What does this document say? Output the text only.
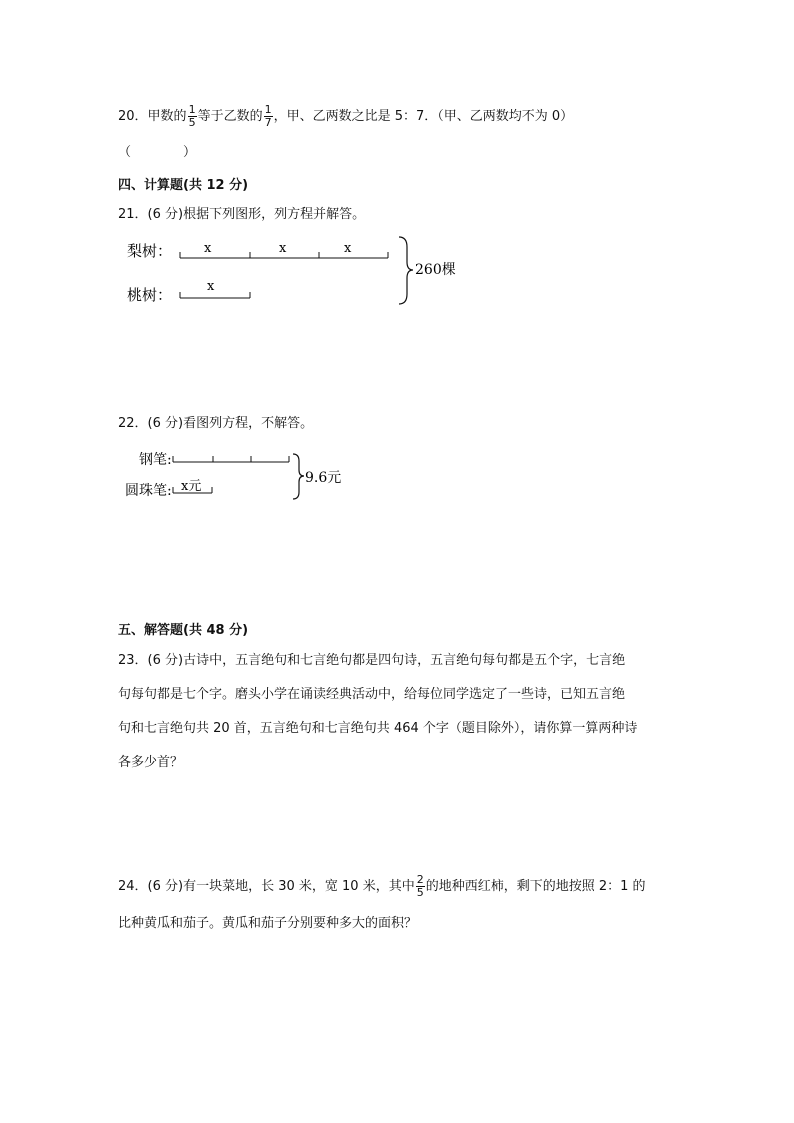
20．甲数的 $\frac{1}{5}$ 等于乙数的 $\frac{1}{7}$ ，甲、乙两数之比是 5：7．（甲、乙两数均不为 0）
（　　　　）
四、计算题(共 12 分)
21．(6 分)根据下列图形，列方程并解答。
梨树： x	x	x
桃树：	x
260棵
22．(6 分)看图列方程，不解答。
钢笔:
圆珠笔: x元
9.6元
五、解答题(共 48 分)
23．(6 分)古诗中，五言绝句和七言绝句都是四句诗，五言绝句每句都是五个字，七言绝
句每句都是七个字。磨头小学在诵读经典活动中，给每位同学选定了一些诗，已知五言绝
句和七言绝句共 20 首，五言绝句和七言绝句共 464 个字（题目除外），请你算一算两种诗
各多少首？
24．(6 分)有一块菜地，长 30 米，宽 10 米，其中 $\frac{2}{5}$ 的地种西红柿，剩下的地按照 2：1 的
比种黄瓜和茄子。黄瓜和茄子分别要种多大的面积？
